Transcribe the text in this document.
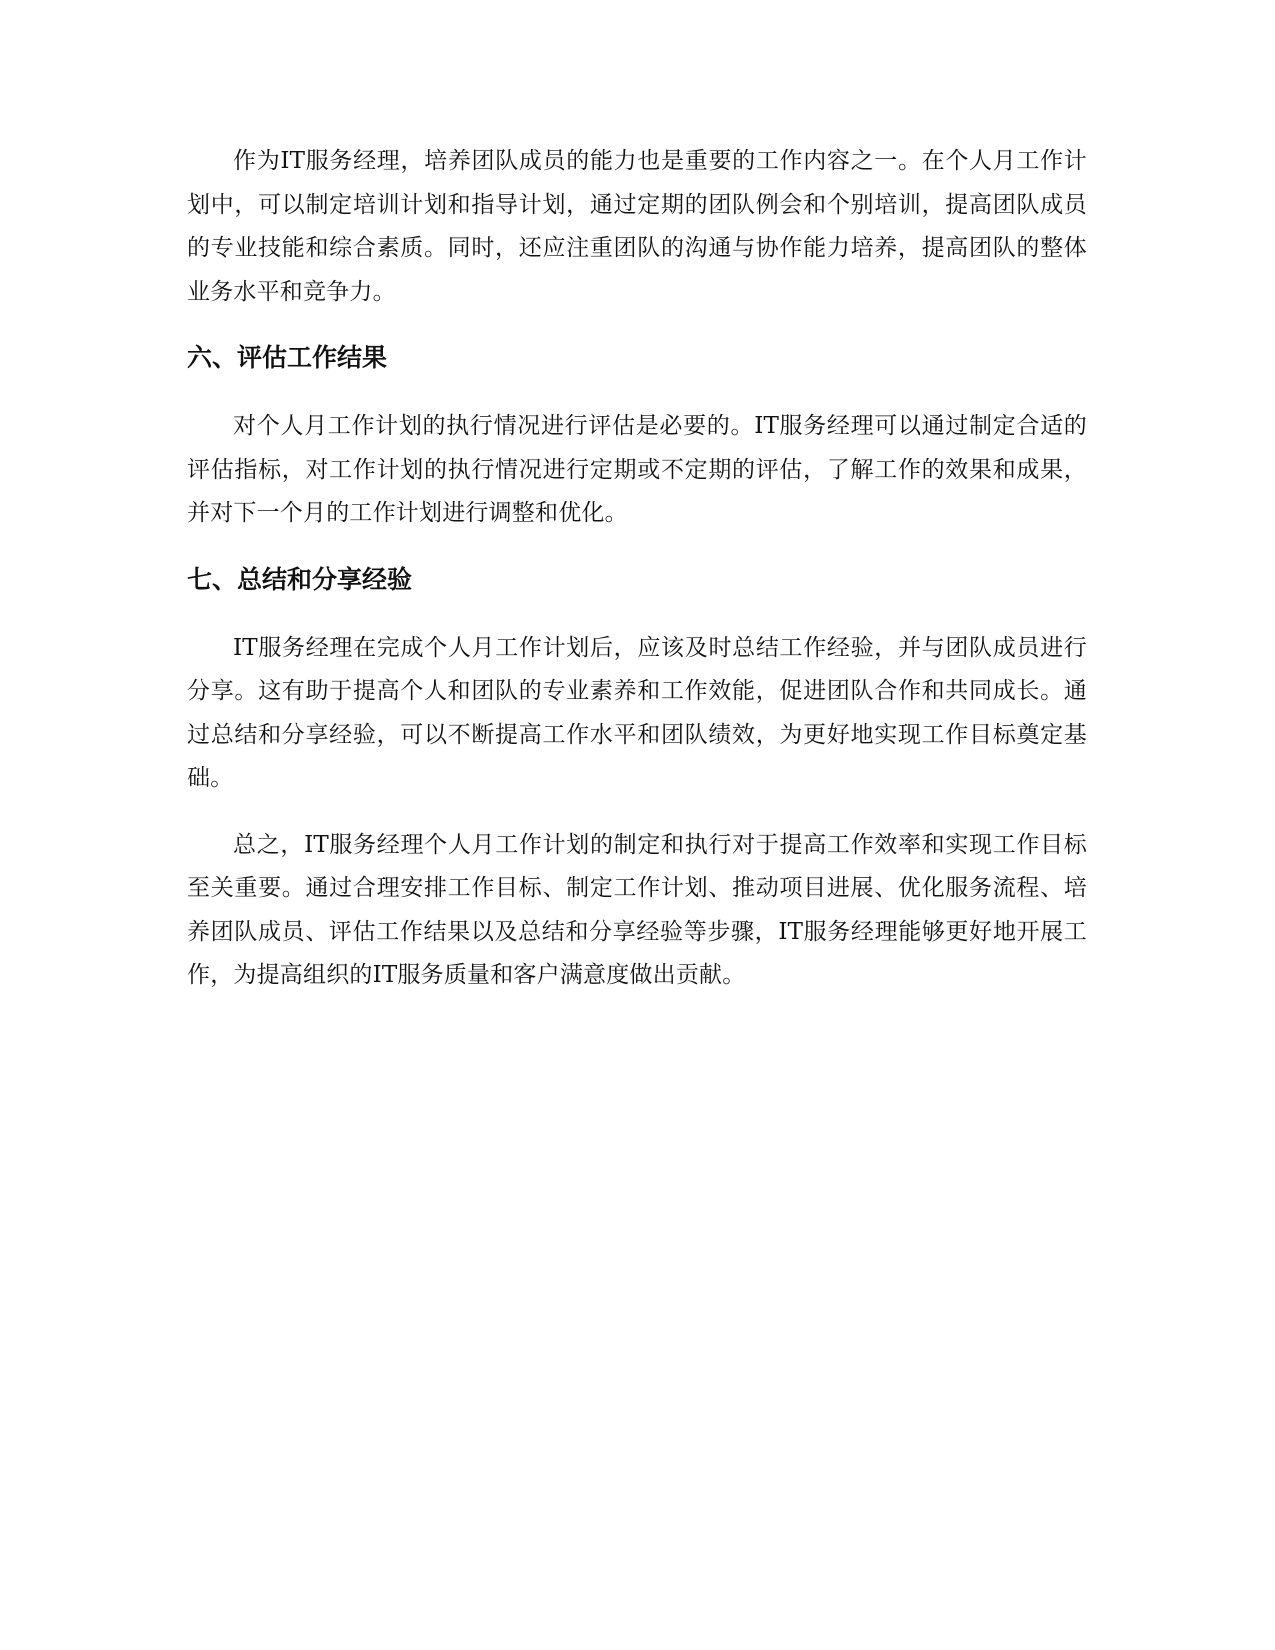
作为IT服务经理，培养团队成员的能力也是重要的工作内容之一。在个人月工作计划中，可以制定培训计划和指导计划，通过定期的团队例会和个别培训，提高团队成员的专业技能和综合素质。同时，还应注重团队的沟通与协作能力培养，提高团队的整体业务水平和竞争力。

六、评估工作结果

对个人月工作计划的执行情况进行评估是必要的。IT服务经理可以通过制定合适的评估指标，对工作计划的执行情况进行定期或不定期的评估，了解工作的效果和成果，并对下一个月的工作计划进行调整和优化。

七、总结和分享经验

IT服务经理在完成个人月工作计划后，应该及时总结工作经验，并与团队成员进行分享。这有助于提高个人和团队的专业素养和工作效能，促进团队合作和共同成长。通过总结和分享经验，可以不断提高工作水平和团队绩效，为更好地实现工作目标奠定基础。

总之，IT服务经理个人月工作计划的制定和执行对于提高工作效率和实现工作目标至关重要。通过合理安排工作目标、制定工作计划、推动项目进展、优化服务流程、培养团队成员、评估工作结果以及总结和分享经验等步骤，IT服务经理能够更好地开展工作，为提高组织的IT服务质量和客户满意度做出贡献。
